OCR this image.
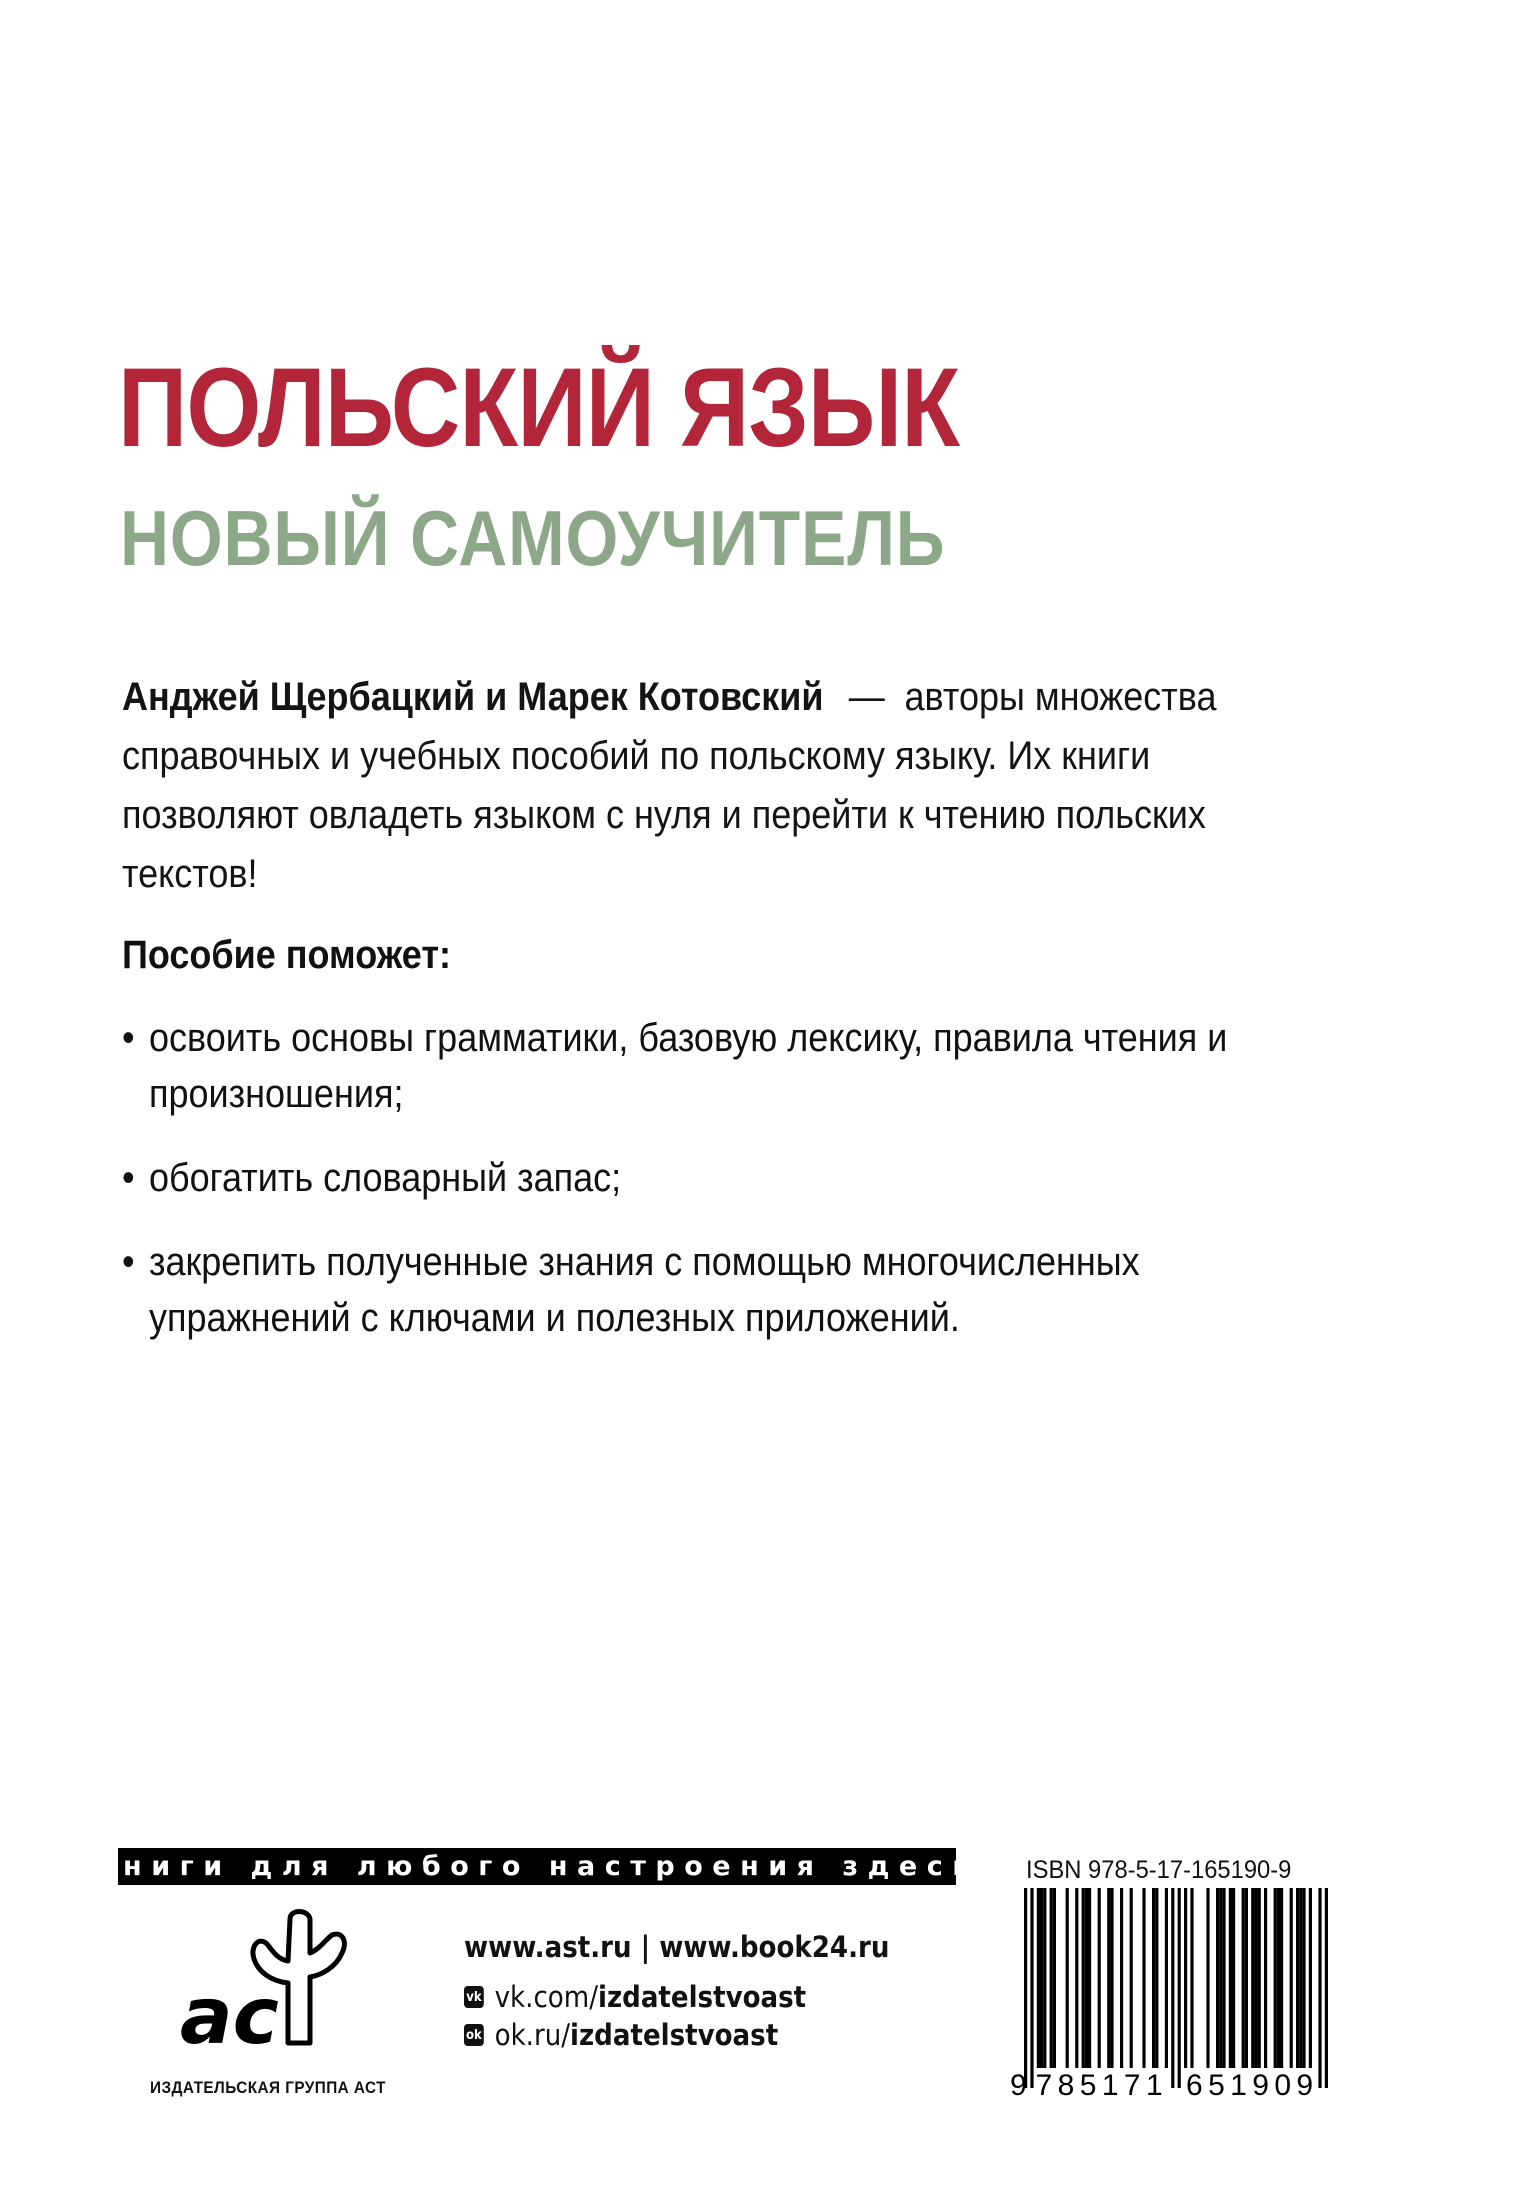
ПОЛЬСКИЙ ЯЗЫК
НОВЫЙ САМОУЧИТЕЛЬ

Анджей Щербацкий и Марек Котовский — авторы множества справочных и учебных пособий по польскому языку. Их книги позволяют овладеть языком с нуля и перейти к чтению польских текстов!

Пособие поможет:
• освоить основы грамматики, базовую лексику, правила чтения и произношения;
• обогатить словарный запас;
• закрепить полученные знания с помощью многочисленных упражнений с ключами и полезных приложений.
книги для любого настроения здесь
ac
ИЗДАТЕЛЬСКАЯ ГРУППА АСТ
www.ast.ru | www.book24.ru
vk vk.com/ izdatelstvoast
ok ok.ru/ izdatelstvoast
ISBN 978-5-17-165190-9
9 785171 651909
